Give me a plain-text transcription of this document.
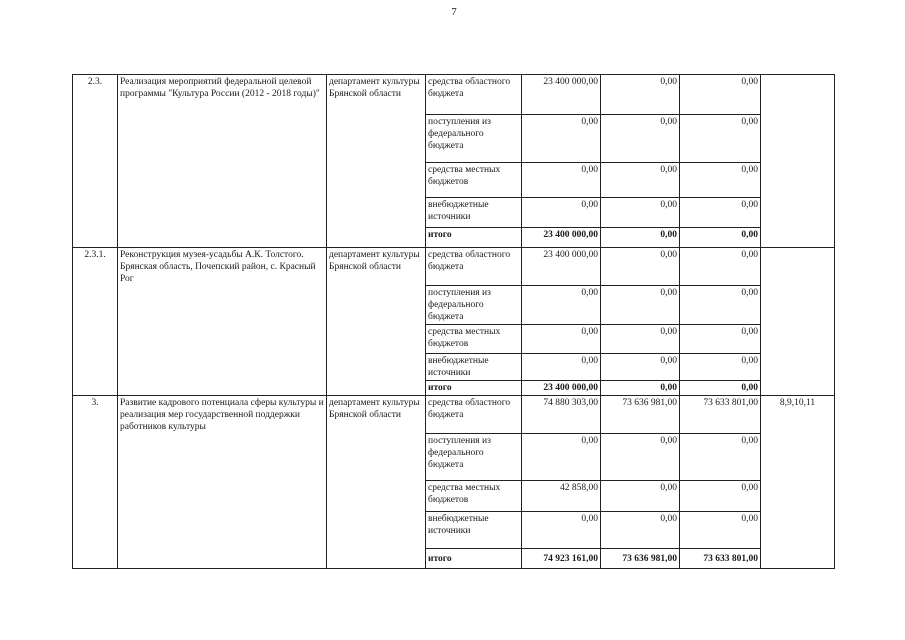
7
2.3.	Реализация мероприятий федеральной целевой программы "Культура России (2012 - 2018 годы)"	департамент культуры Брянской области	средства областного бюджета	23 400 000,00	0,00	0,00	
			поступления из федерального бюджета	0,00	0,00	0,00	
			средства местных бюджетов	0,00	0,00	0,00	
			внебюджетные источники	0,00	0,00	0,00	
			итого	23 400 000,00	0,00	0,00	
2.3.1.	Реконструкция музея-усадьбы А.К. Толстого. Брянская область, Почепский район, с. Красный Рог	департамент культуры Брянской области	средства областного бюджета	23 400 000,00	0,00	0,00	
			поступления из федерального бюджета	0,00	0,00	0,00	
			средства местных бюджетов	0,00	0,00	0,00	
			внебюджетные источники	0,00	0,00	0,00	
			итого	23 400 000,00	0,00	0,00	
3.	Развитие кадрового потенциала сферы культуры и реализация мер государственной поддержки работников культуры	департамент культуры Брянской области	средства областного бюджета	74 880 303,00	73 636 981,00	73 633 801,00	8,9,10,11
			поступления из федерального бюджета	0,00	0,00	0,00	
			средства местных бюджетов	42 858,00	0,00	0,00	
			внебюджетные источники	0,00	0,00	0,00	
			итого	74 923 161,00	73 636 981,00	73 633 801,00	
